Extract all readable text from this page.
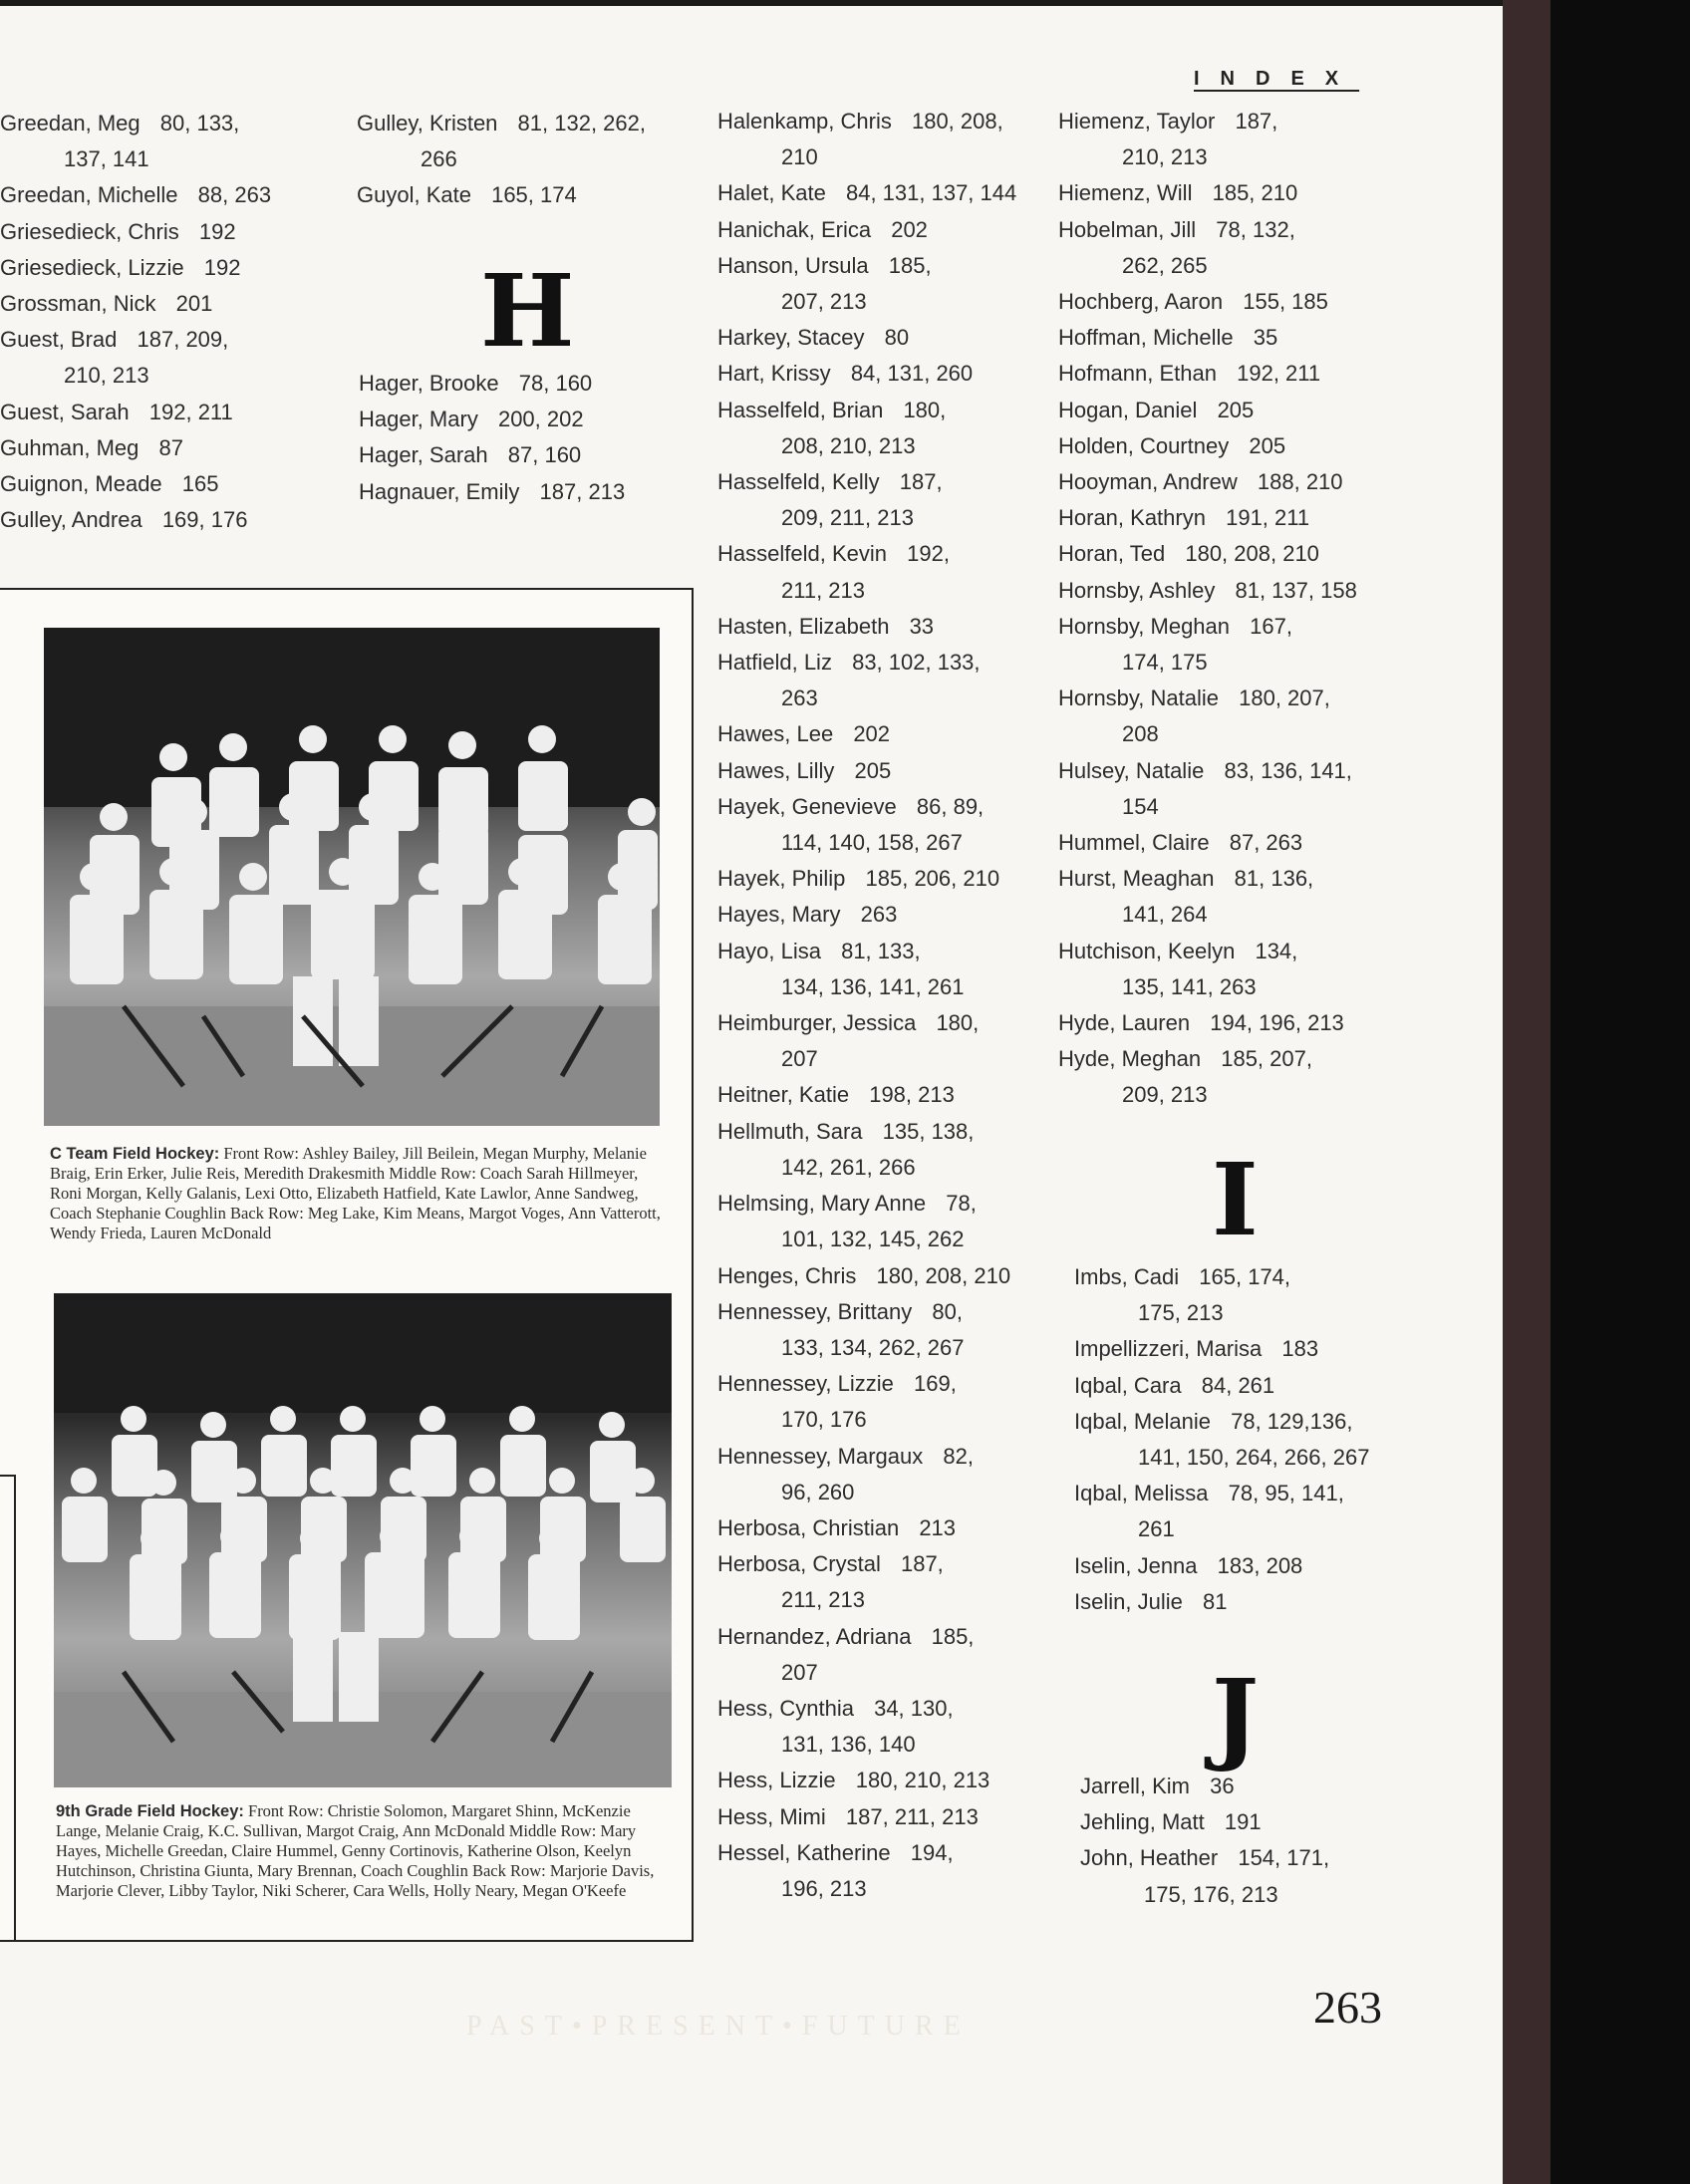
INDEX
Greedan, Meg 80, 133,
137, 141
Greedan, Michelle 88, 263
Griesedieck, Chris 192
Griesedieck, Lizzie 192
Grossman, Nick 201
Guest, Brad 187, 209,
210, 213
Guest, Sarah 192, 211
Guhman, Meg 87
Guignon, Meade 165
Gulley, Andrea 169, 176
Gulley, Kristen 81, 132, 262,
266
Guyol, Kate 165, 174
H
Hager, Brooke 78, 160
Hager, Mary 200, 202
Hager, Sarah 87, 160
Hagnauer, Emily 187, 213
Halenkamp, Chris 180, 208,
210
Halet, Kate 84, 131, 137, 144
Hanichak, Erica 202
Hanson, Ursula 185,
207, 213
Harkey, Stacey 80
Hart, Krissy 84, 131, 260
Hasselfeld, Brian 180,
208, 210, 213
Hasselfeld, Kelly 187,
209, 211, 213
Hasselfeld, Kevin 192,
211, 213
Hasten, Elizabeth 33
Hatfield, Liz 83, 102, 133,
263
Hawes, Lee 202
Hawes, Lilly 205
Hayek, Genevieve 86, 89,
114, 140, 158, 267
Hayek, Philip 185, 206, 210
Hayes, Mary 263
Hayo, Lisa 81, 133,
134, 136, 141, 261
Heimburger, Jessica 180,
207
Heitner, Katie 198, 213
Hellmuth, Sara 135, 138,
142, 261, 266
Helmsing, Mary Anne 78,
101, 132, 145, 262
Henges, Chris 180, 208, 210
Hennessey, Brittany 80,
133, 134, 262, 267
Hennessey, Lizzie 169,
170, 176
Hennessey, Margaux 82,
96, 260
Herbosa, Christian 213
Herbosa, Crystal 187,
211, 213
Hernandez, Adriana 185,
207
Hess, Cynthia 34, 130,
131, 136, 140
Hess, Lizzie 180, 210, 213
Hess, Mimi 187, 211, 213
Hessel, Katherine 194,
196, 213
Hiemenz, Taylor 187,
210, 213
Hiemenz, Will 185, 210
Hobelman, Jill 78, 132,
262, 265
Hochberg, Aaron 155, 185
Hoffman, Michelle 35
Hofmann, Ethan 192, 211
Hogan, Daniel 205
Holden, Courtney 205
Hooyman, Andrew 188, 210
Horan, Kathryn 191, 211
Horan, Ted 180, 208, 210
Hornsby, Ashley 81, 137, 158
Hornsby, Meghan 167,
174, 175
Hornsby, Natalie 180, 207,
208
Hulsey, Natalie 83, 136, 141,
154
Hummel, Claire 87, 263
Hurst, Meaghan 81, 136,
141, 264
Hutchison, Keelyn 134,
135, 141, 263
Hyde, Lauren 194, 196, 213
Hyde, Meghan 185, 207,
209, 213
I
Imbs, Cadi 165, 174,
175, 213
Impellizzeri, Marisa 183
Iqbal, Cara 84, 261
Iqbal, Melanie 78, 129,136,
141, 150, 264, 266, 267
Iqbal, Melissa 78, 95, 141,
261
Iselin, Jenna 183, 208
Iselin, Julie 81
J
Jarrell, Kim 36
Jehling, Matt 191
John, Heather 154, 171,
175, 176, 213
C Team Field Hockey: Front Row: Ashley Bailey, Jill Beilein, Megan Murphy, Melanie Braig, Erin Erker, Julie Reis, Meredith Drakesmith Middle Row: Coach Sarah Hillmeyer, Roni Morgan, Kelly Galanis, Lexi Otto, Elizabeth Hatfield, Kate Lawlor, Anne Sandweg, Coach Stephanie Coughlin Back Row: Meg Lake, Kim Means, Margot Voges, Ann Vatterott, Wendy Frieda, Lauren McDonald
9th Grade Field Hockey: Front Row: Christie Solomon, Margaret Shinn, McKenzie Lange, Melanie Craig, K.C. Sullivan, Margot Craig, Ann McDonald Middle Row: Mary Hayes, Michelle Greedan, Claire Hummel, Genny Cortinovis, Katherine Olson, Keelyn Hutchinson, Christina Giunta, Mary Brennan, Coach Coughlin Back Row: Marjorie Davis, Marjorie Clever, Libby Taylor, Niki Scherer, Cara Wells, Holly Neary, Megan O'Keefe
PAST•PRESENT•FUTURE	263
